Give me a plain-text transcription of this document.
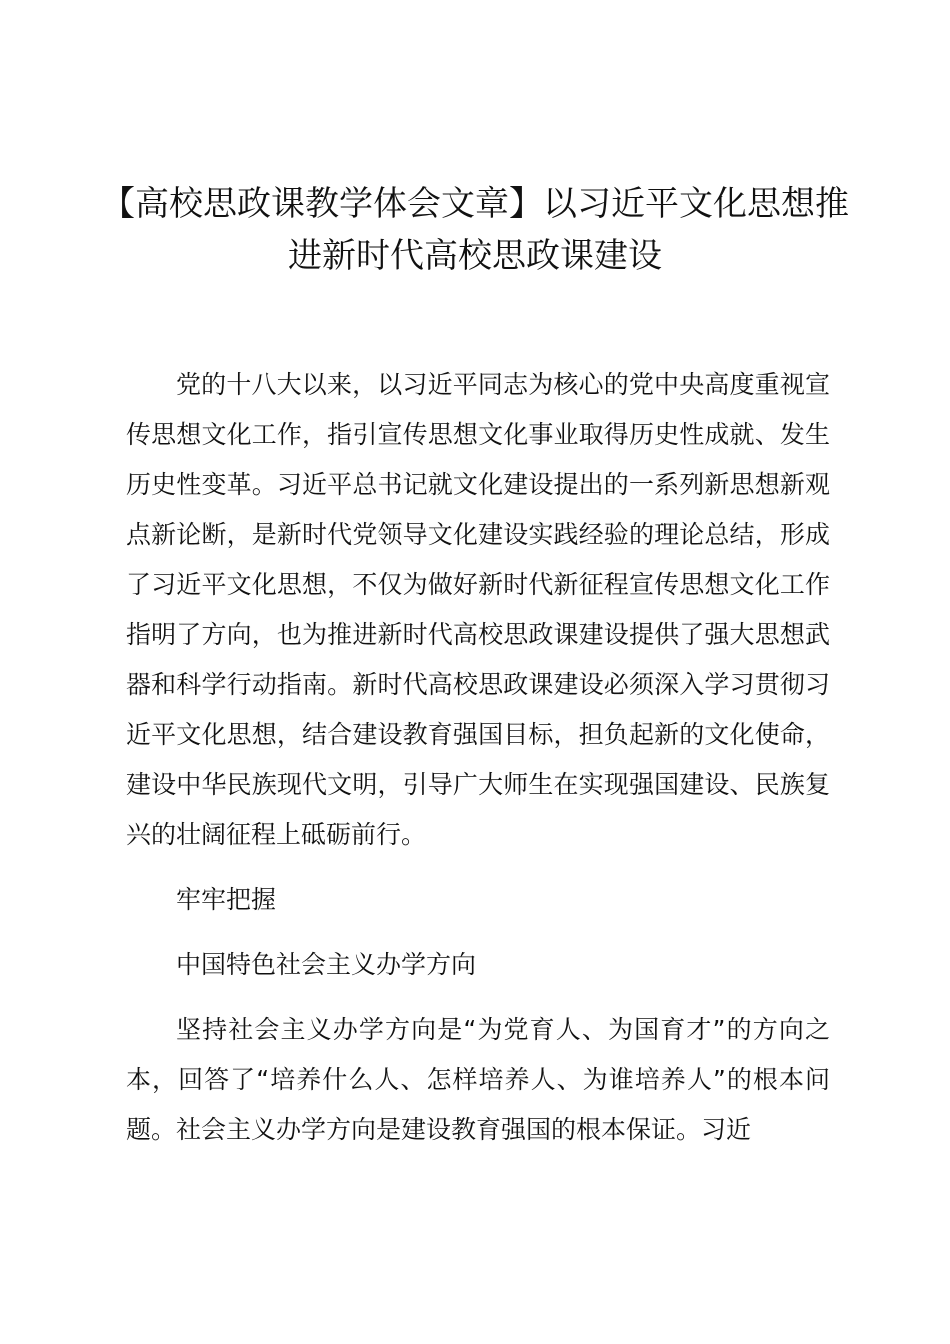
【高校思政课教学体会文章】以习近平文化思想推进新时代高校思政课建设

党的十八大以来，以习近平同志为核心的党中央高度重视宣传思想文化工作，指引宣传思想文化事业取得历史性成就、发生历史性变革。习近平总书记就文化建设提出的一系列新思想新观点新论断，是新时代党领导文化建设实践经验的理论总结，形成了习近平文化思想，不仅为做好新时代新征程宣传思想文化工作指明了方向，也为推进新时代高校思政课建设提供了强大思想武器和科学行动指南。新时代高校思政课建设必须深入学习贯彻习近平文化思想，结合建设教育强国目标，担负起新的文化使命，建设中华民族现代文明，引导广大师生在实现强国建设、民族复兴的壮阔征程上砥砺前行。

牢牢把握

中国特色社会主义办学方向

坚持社会主义办学方向是“为党育人、为国育才”的方向之本，回答了“培养什么人、怎样培养人、为谁培养人”的根本问题。社会主义办学方向是建设教育强国的根本保证。习近
